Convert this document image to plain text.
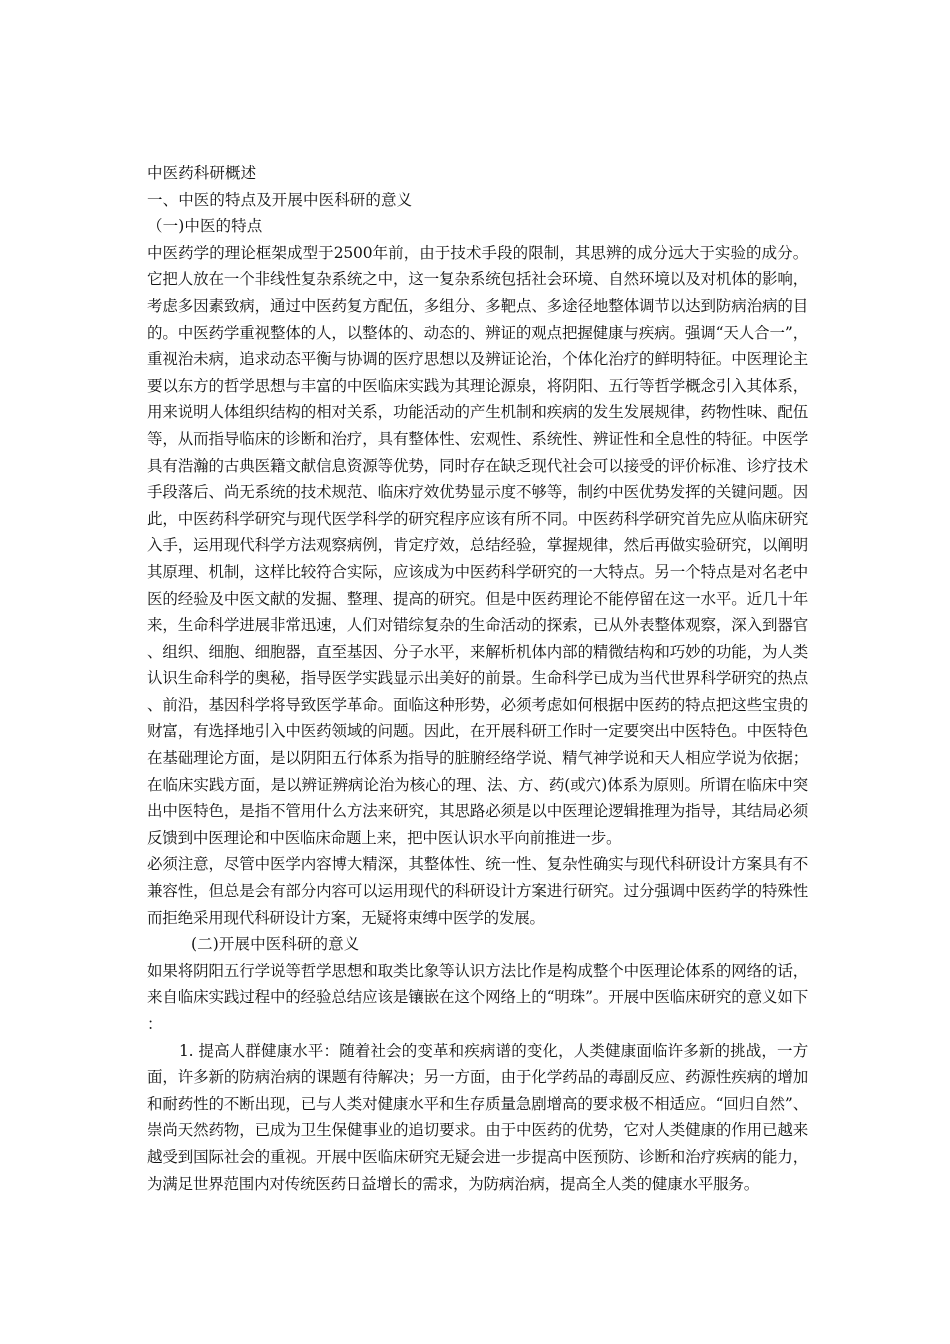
中医药科研概述

一、中医的特点及开展中医科研的意义

（一)中医的特点

中医药学的理论框架成型于2500年前，由于技术手段的限制，其思辨的成分远大于实验的成分。它把人放在一个非线性复杂系统之中，这一复杂系统包括社会环境、自然环境以及对机体的影响，考虑多因素致病，通过中医药复方配伍，多组分、多靶点、多途径地整体调节以达到防病治病的目的。中医药学重视整体的人，以整体的、动态的、辨证的观点把握健康与疾病。强调“天人合一”，重视治未病，追求动态平衡与协调的医疗思想以及辨证论治，个体化治疗的鲜明特征。中医理论主要以东方的哲学思想与丰富的中医临床实践为其理论源泉，将阴阳、五行等哲学概念引入其体系，用来说明人体组织结构的相对关系，功能活动的产生机制和疾病的发生发展规律，药物性味、配伍等，从而指导临床的诊断和治疗，具有整体性、宏观性、系统性、辨证性和全息性的特征。中医学具有浩瀚的古典医籍文献信息资源等优势，同时存在缺乏现代社会可以接受的评价标准、诊疗技术手段落后、尚无系统的技术规范、临床疗效优势显示度不够等，制约中医优势发挥的关键问题。因此，中医药科学研究与现代医学科学的研究程序应该有所不同。中医药科学研究首先应从临床研究入手，运用现代科学方法观察病例，肯定疗效，总结经验，掌握规律，然后再做实验研究，以阐明其原理、机制，这样比较符合实际，应该成为中医药科学研究的一大特点。另一个特点是对名老中医的经验及中医文献的发掘、整理、提高的研究。但是中医药理论不能停留在这一水平。近几十年来，生命科学进展非常迅速，人们对错综复杂的生命活动的探索，已从外表整体观察，深入到器官、组织、细胞、细胞器，直至基因、分子水平，来解析机体内部的精微结构和巧妙的功能，为人类认识生命科学的奥秘，指导医学实践显示出美好的前景。生命科学已成为当代世界科学研究的热点、前沿，基因科学将导致医学革命。面临这种形势，必须考虑如何根据中医药的特点把这些宝贵的财富，有选择地引入中医药领域的问题。因此，在开展科研工作时一定要突出中医特色。中医特色在基础理论方面，是以阴阳五行体系为指导的脏腑经络学说、精气神学说和天人相应学说为依据；在临床实践方面，是以辨证辨病论治为核心的理、法、方、药(或穴)体系为原则。所谓在临床中突出中医特色，是指不管用什么方法来研究，其思路必须是以中医理论逻辑推理为指导，其结局必须反馈到中医理论和中医临床命题上来，把中医认识水平向前推进一步。

必须注意，尽管中医学内容博大精深，其整体性、统一性、复杂性确实与现代科研设计方案具有不兼容性，但总是会有部分内容可以运用现代的科研设计方案进行研究。过分强调中医药学的特殊性而拒绝采用现代科研设计方案，无疑将束缚中医学的发展。

(二)开展中医科研的意义

如果将阴阳五行学说等哲学思想和取类比象等认识方法比作是构成整个中医理论体系的网络的话，来自临床实践过程中的经验总结应该是镶嵌在这个网络上的“明珠”。开展中医临床研究的意义如下：

1. 提高人群健康水平：随着社会的变革和疾病谱的变化，人类健康面临许多新的挑战，一方面，许多新的防病治病的课题有待解决；另一方面，由于化学药品的毒副反应、药源性疾病的增加和耐药性的不断出现，已与人类对健康水平和生存质量急剧增高的要求极不相适应。“回归自然”、崇尚天然药物，已成为卫生保健事业的追切要求。由于中医药的优势，它对人类健康的作用已越来越受到国际社会的重视。开展中医临床研究无疑会进一步提高中医预防、诊断和治疗疾病的能力，为满足世界范围内对传统医药日益增长的需求，为防病治病，提高全人类的健康水平服务。
